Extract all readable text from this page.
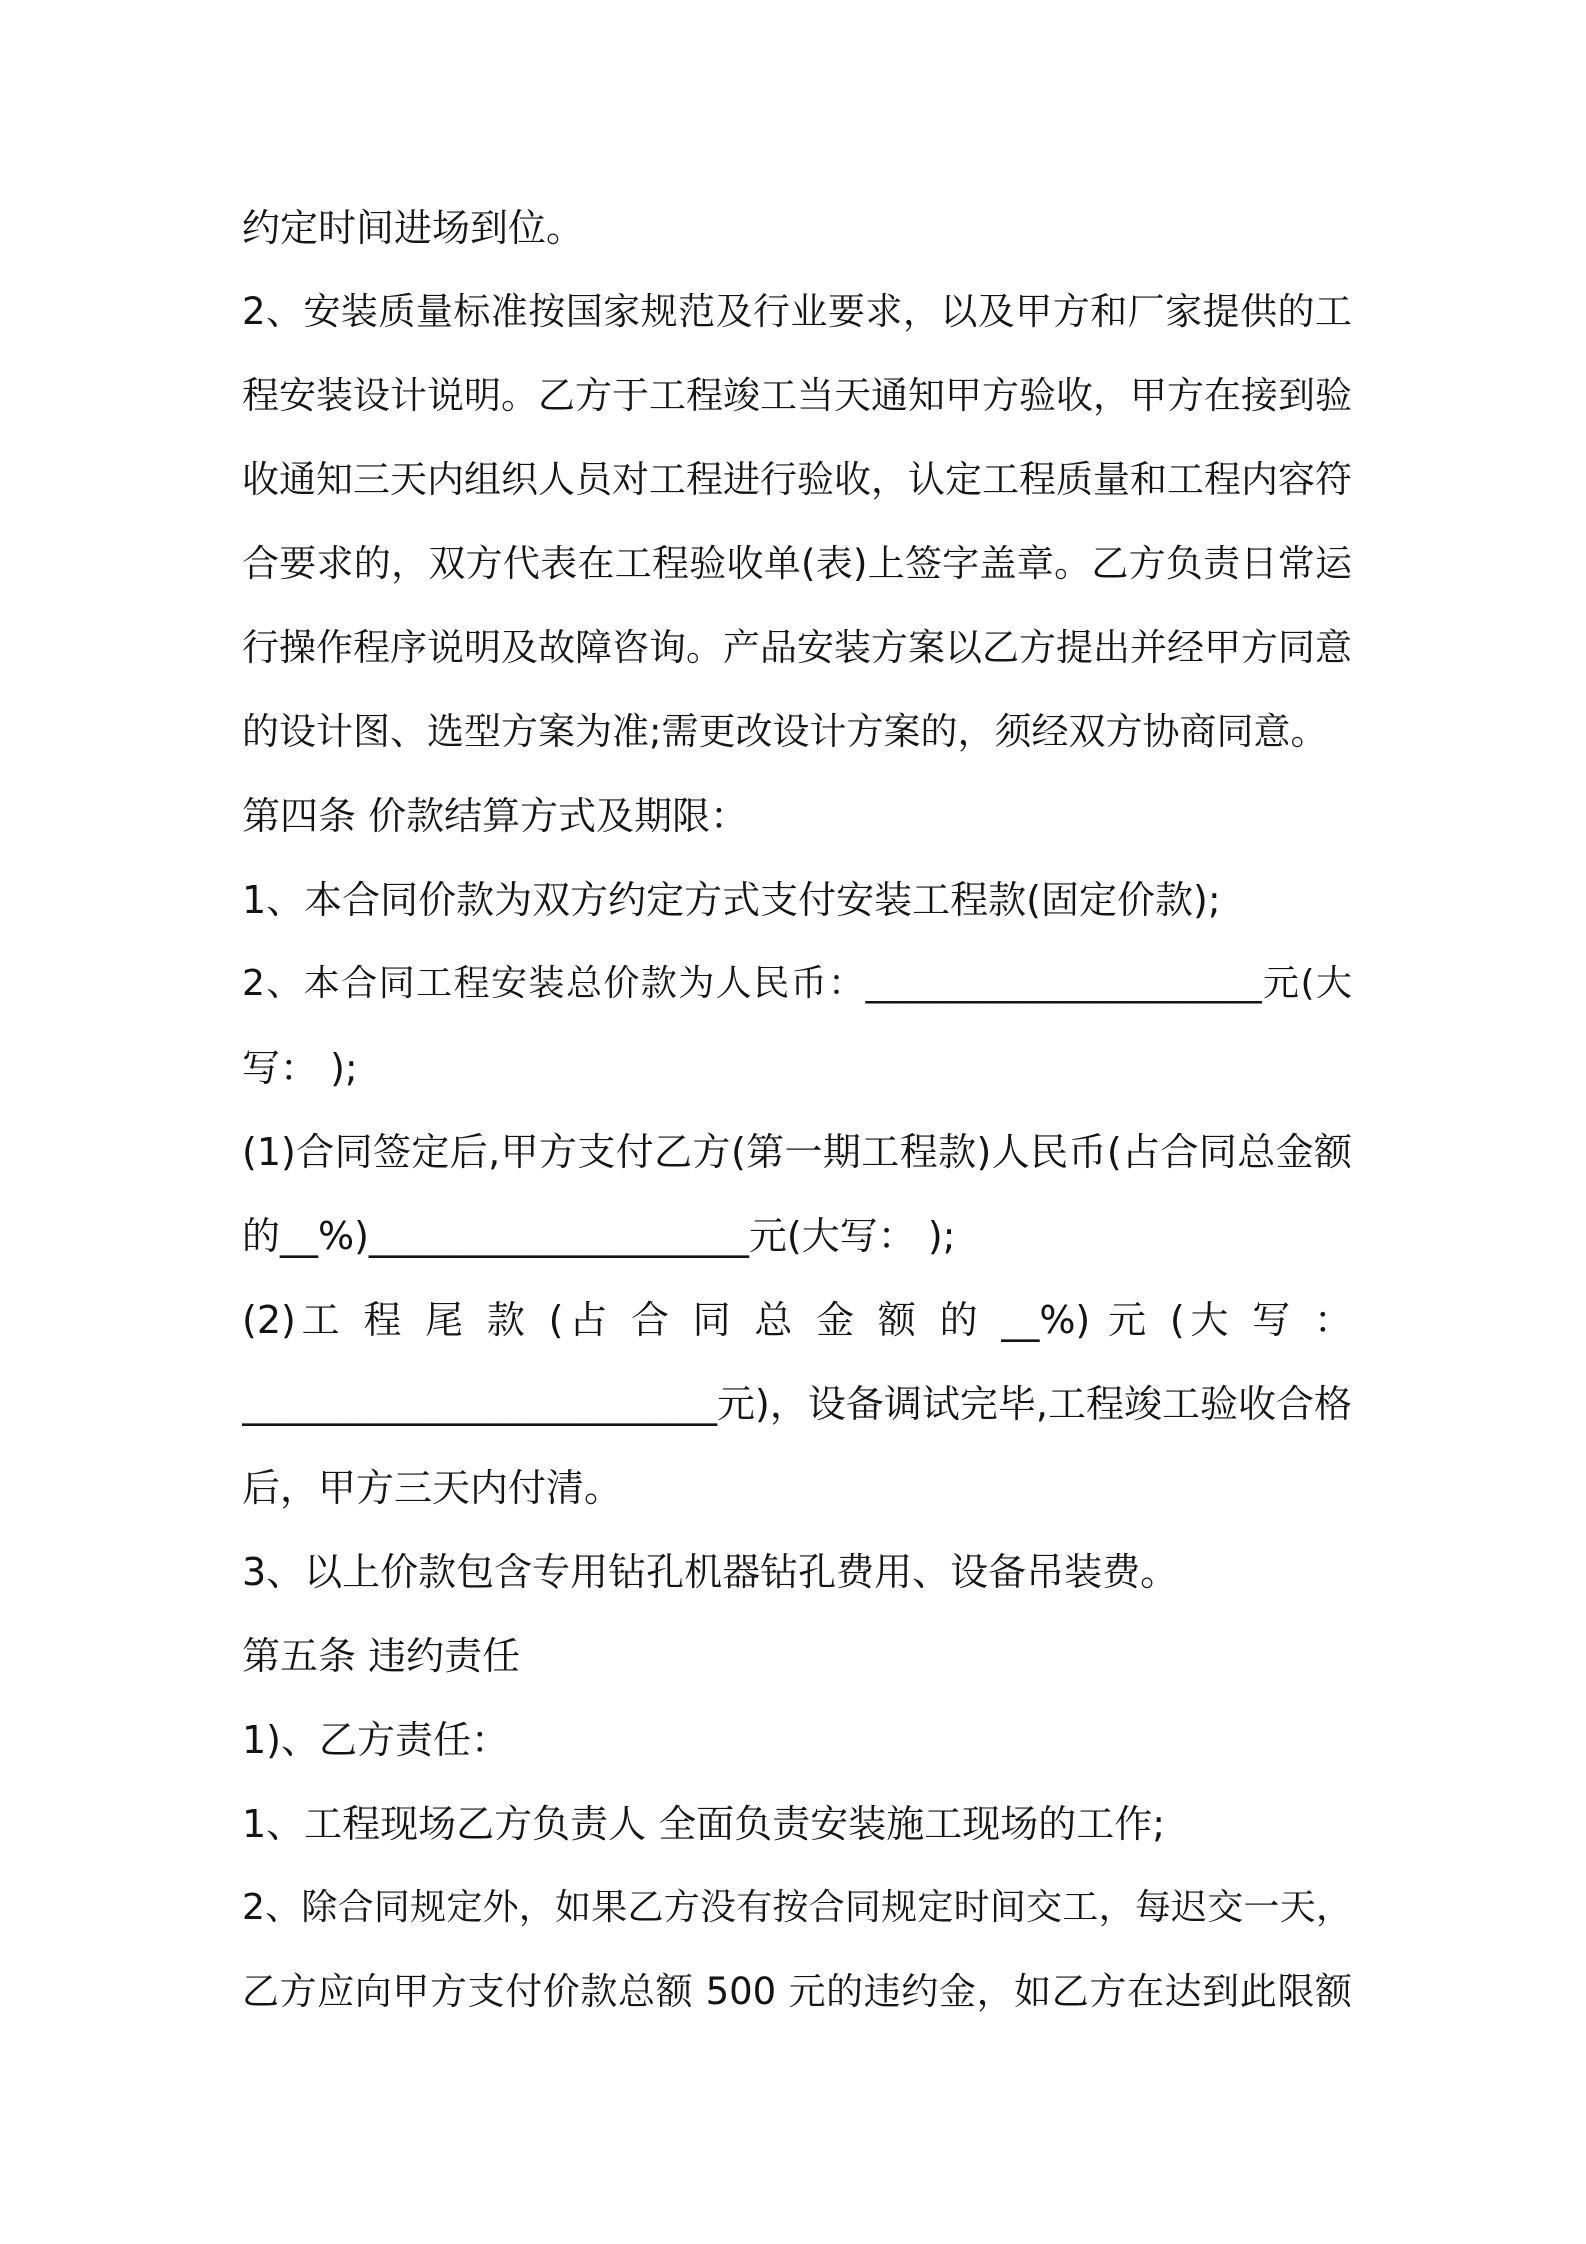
约定时间进场到位。
2、安装质量标准按国家规范及行业要求，以及甲方和厂家提供的工
程安装设计说明。乙方于工程竣工当天通知甲方验收，甲方在接到验
收通知三天内组织人员对工程进行验收，认定工程质量和工程内容符
合要求的，双方代表在工程验收单(表)上签字盖章。乙方负责日常运
行操作程序说明及故障咨询。产品安装方案以乙方提出并经甲方同意
的设计图、选型方案为准;需更改设计方案的，须经双方协商同意。
第四条 价款结算方式及期限：
1、本合同价款为双方约定方式支付安装工程款(固定价款);
2、本合同工程安装总价款为人民币：______________________元(大
写： );
(1)合同签定后,甲方支付乙方(第一期工程款)人民币(占合同总金额
的__%)____________________元(大写： );
(2)工 程 尾 款 (占 合 同 总 金 额 的 __%) 元 (大 写 ：
_________________________元)，设备调试完毕,工程竣工验收合格
后，甲方三天内付清。
3、以上价款包含专用钻孔机器钻孔费用、设备吊装费。
第五条 违约责任
1)、乙方责任：
1、工程现场乙方负责人 全面负责安装施工现场的工作;
2、除合同规定外，如果乙方没有按合同规定时间交工，每迟交一天，
乙方应向甲方支付价款总额 500 元的违约金，如乙方在达到此限额
